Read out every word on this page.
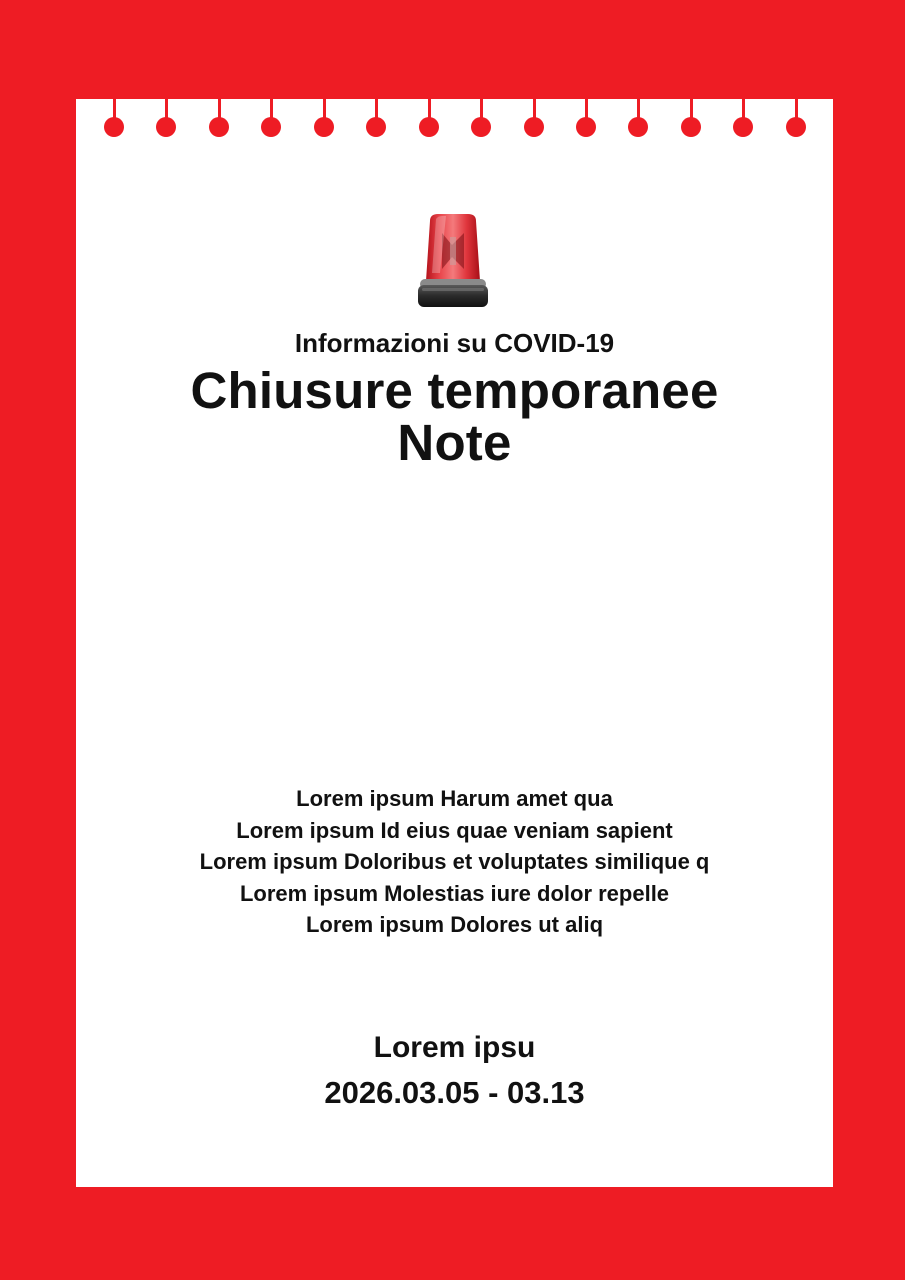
Informazioni su COVID-19
Chiusure temporanee
Note
Lorem ipsum Harum amet qua
Lorem ipsum Id eius quae veniam sapient
Lorem ipsum Doloribus et voluptates similique q
Lorem ipsum Molestias iure dolor repelle
Lorem ipsum Dolores ut aliq
Lorem ipsu
2026.03.05 - 03.13
